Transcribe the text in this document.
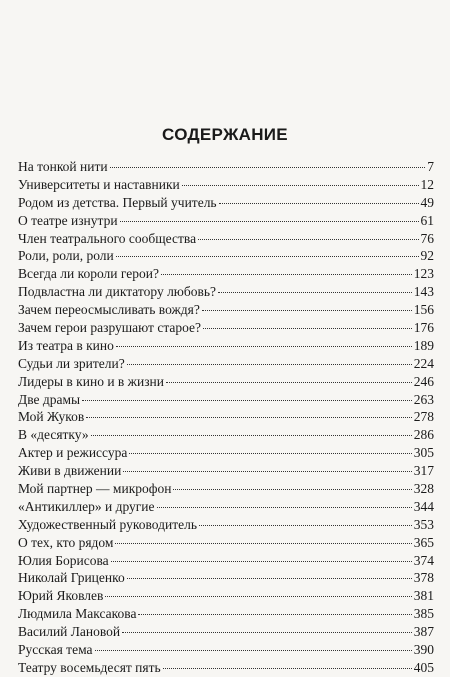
СОДЕРЖАНИЕ
На тонкой нити	7
Университеты и наставники	12
Родом из детства. Первый учитель	49
О театре изнутри	61
Член театрального сообщества	76
Роли, роли, роли	92
Всегда ли короли герои?	123
Подвластна ли диктатору любовь?	143
Зачем переосмысливать вождя?	156
Зачем герои разрушают старое?	176
Из театра в кино	189
Судьи ли зрители?	224
Лидеры в кино и в жизни	246
Две драмы	263
Мой Жуков	278
В «десятку»	286
Актер и режиссура	305
Живи в движении	317
Мой партнер — микрофон	328
«Антикиллер» и другие	344
Художественный руководитель	353
О тех, кто рядом	365
Юлия Борисова	374
Николай Гриценко	378
Юрий Яковлев	381
Людмила Максакова	385
Василий Лановой	387
Русская тема	390
Театру восемьдесят пять	405
